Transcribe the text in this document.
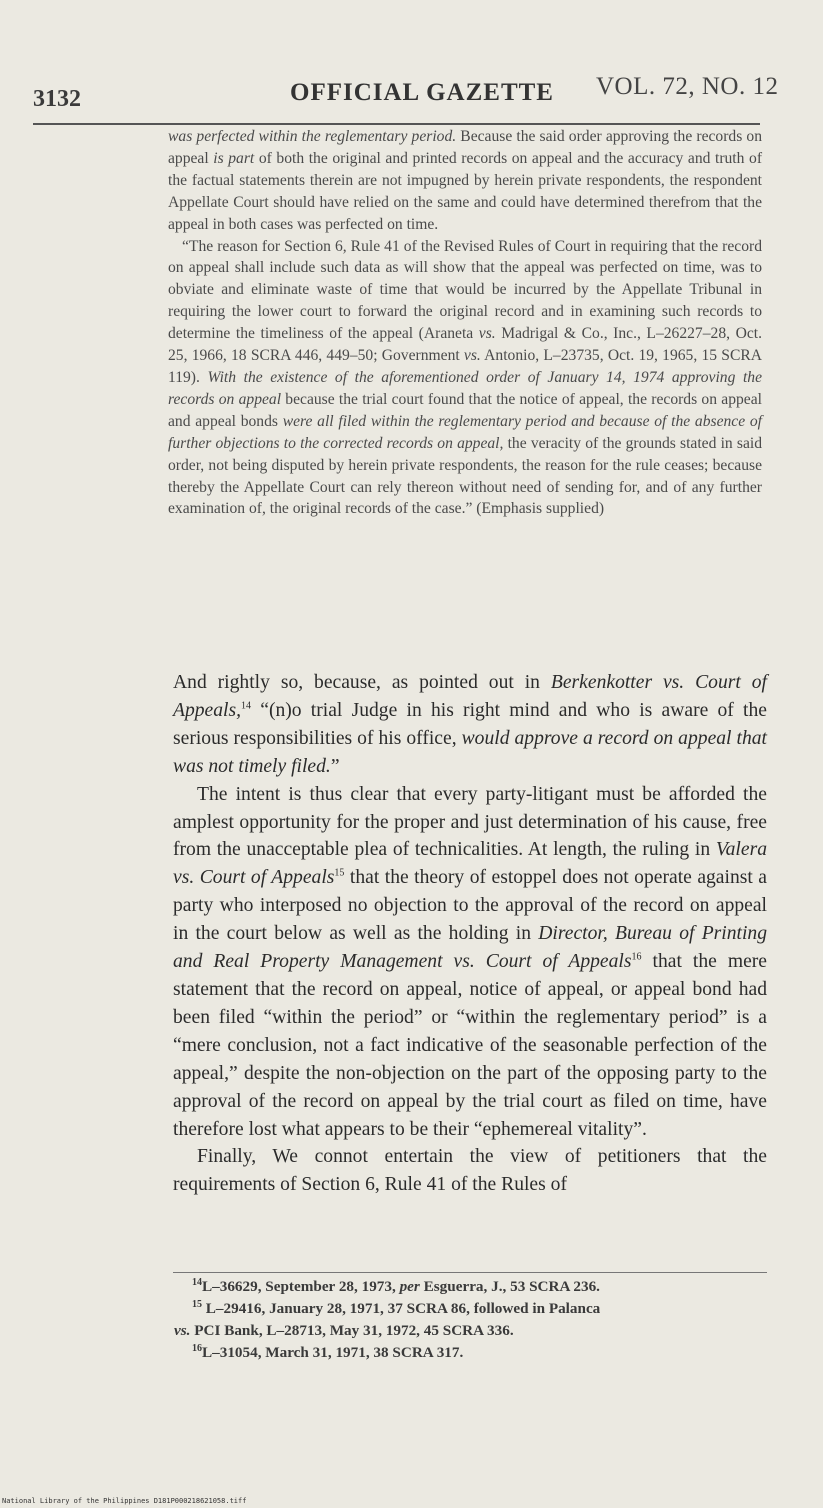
3132	OFFICIAL GAZETTE VOL. 72, NO. 12

was perfected within the reglementary period. Because the said order approving the records on appeal is part of both the original and printed records on appeal and the accuracy and truth of the factual statements therein are not impugned by herein private respondents, the respondent Appellate Court should have relied on the same and could have determined therefrom that the appeal in both cases was perfected on time.

“The reason for Section 6, Rule 41 of the Revised Rules of Court in requiring that the record on appeal shall include such data as will show that the appeal was perfected on time, was to obviate and eliminate waste of time that would be incurred by the Appellate Tribunal in requiring the lower court to forward the original record and in examining such records to determine the timeliness of the appeal (Araneta vs. Madrigal & Co., Inc., L–26227–28, Oct. 25, 1966, 18 SCRA 446, 449–50; Government vs. Antonio, L–23735, Oct. 19, 1965, 15 SCRA 119). With the existence of the aforementioned order of January 14, 1974 approving the records on appeal because the trial court found that the notice of appeal, the records on appeal and appeal bonds were all filed within the reglementary period and because of the absence of further objections to the corrected records on appeal, the veracity of the grounds stated in said order, not being disputed by herein private respondents, the reason for the rule ceases; because thereby the Appellate Court can rely thereon without need of sending for, and of any further examination of, the original records of the case.” (Emphasis supplied)

And rightly so, because, as pointed out in Berkenkotter vs. Court of Appeals,$^{14}$ “(n)o trial Judge in his right mind and who is aware of the serious responsibilities of his office, would approve a record on appeal that was not timely filed.”

The intent is thus clear that every party-litigant must be afforded the amplest opportunity for the proper and just determination of his cause, free from the unacceptable plea of technicalities. At length, the ruling in Valera vs. Court of Appeals$^{15}$ that the theory of estoppel does not operate against a party who interposed no objection to the approval of the record on appeal in the court below as well as the holding in Director, Bureau of Printing and Real Property Management vs. Court of Appeals$^{16}$ that the mere statement that the record on appeal, notice of appeal, or appeal bond had been filed “within the period” or “within the reglementary period” is a “mere conclusion, not a fact indicative of the seasonable perfection of the appeal,” despite the non-objection on the part of the opposing party to the approval of the record on appeal by the trial court as filed on time, have therefore lost what appears to be their “ephemereal vitality”.

Finally, We connot entertain the view of petitioners that the requirements of Section 6, Rule 41 of the Rules of

$^{14}$L–36629, September 28, 1973, per Esguerra, J., 53 SCRA 236.

$^{15}$ L–29416, January 28, 1971, 37 SCRA 86, followed in Palanca

vs. PCI Bank, L–28713, May 31, 1972, 45 SCRA 336.

$^{16}$L–31054, March 31, 1971, 38 SCRA 317.

National Library of the Philippines D181P000218621058.tiff
